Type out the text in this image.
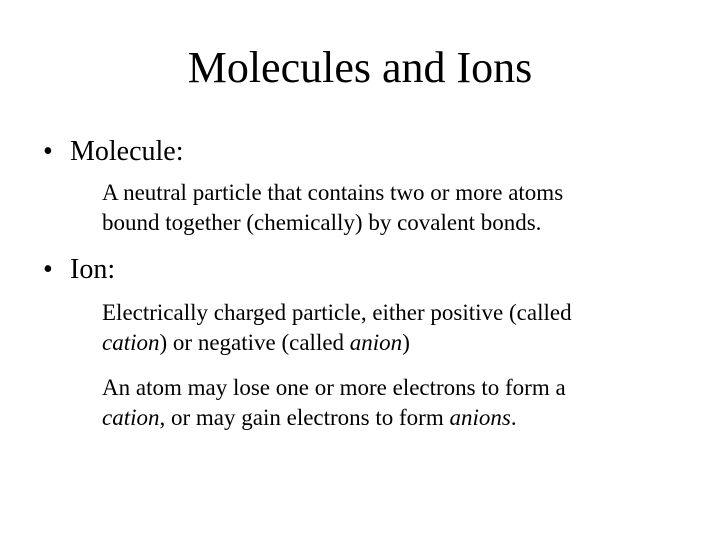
Molecules and Ions
• Molecule:
A neutral particle that contains two or more atoms
bound together (chemically) by covalent bonds.
• Ion:
Electrically charged particle, either positive (called
cation) or negative (called anion)
An atom may lose one or more electrons to form a
cation, or may gain electrons to form anions.
